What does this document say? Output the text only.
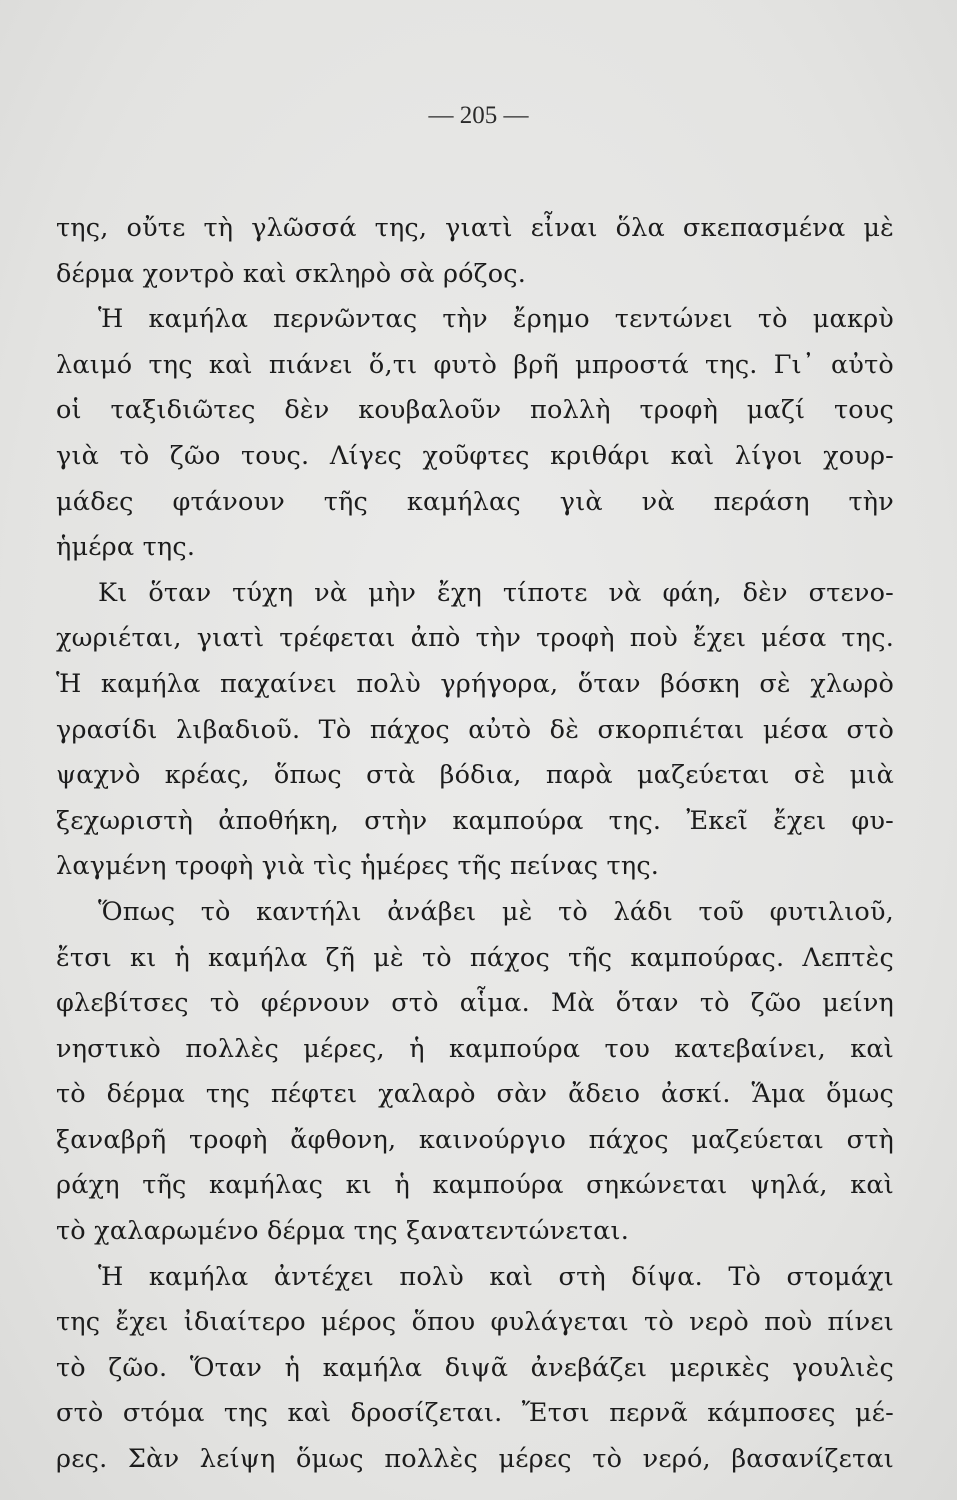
— 205 —
της, οὔτε τὴ γλῶσσά της, γιατὶ εἶναι ὅλα σκεπασμένα μὲ
δέρμα χοντρὸ καὶ σκληρὸ σὰ ρόζος.
Ἡ καμήλα περνῶντας τὴν ἔρημο τεντώνει τὸ μακρὺ
λαιμό της καὶ πιάνει ὅ,τι φυτὸ βρῆ μπροστά της. Γι᾿ αὐτὸ
οἱ ταξιδιῶτες δὲν κουβαλοῦν πολλὴ τροφὴ μαζί τους
γιὰ τὸ ζῶο τους. Λίγες χοῦφτες κριθάρι καὶ λίγοι χουρ-
μάδες φτάνουν τῆς καμήλας γιὰ νὰ περάση τὴν
ἡμέρα της.
Κι ὅταν τύχη νὰ μὴν ἔχη τίποτε νὰ φάη, δὲν στενο-
χωριέται, γιατὶ τρέφεται ἀπὸ τὴν τροφὴ ποὺ ἔχει μέσα της.
Ἡ καμήλα παχαίνει πολὺ γρήγορα, ὅταν βόσκη σὲ χλωρὸ
γρασίδι λιβαδιοῦ. Τὸ πάχος αὐτὸ δὲ σκορπιέται μέσα στὸ
ψαχνὸ κρέας, ὅπως στὰ βόδια, παρὰ μαζεύεται σὲ μιὰ
ξεχωριστὴ ἀποθήκη, στὴν καμπούρα της. Ἐκεῖ ἔχει φυ-
λαγμένη τροφὴ γιὰ τὶς ἡμέρες τῆς πείνας της.
Ὅπως τὸ καντήλι ἀνάβει μὲ τὸ λάδι τοῦ φυτιλιοῦ,
ἔτσι κι ἡ καμήλα ζῆ μὲ τὸ πάχος τῆς καμπούρας. Λεπτὲς
φλεβίτσες τὸ φέρνουν στὸ αἷμα. Μὰ ὅταν τὸ ζῶο μείνη
νηστικὸ πολλὲς μέρες, ἡ καμπούρα του κατεβαίνει, καὶ
τὸ δέρμα της πέφτει χαλαρὸ σὰν ἄδειο ἀσκί. Ἅμα ὅμως
ξαναβρῆ τροφὴ ἄφθονη, καινούργιο πάχος μαζεύεται στὴ
ράχη τῆς καμήλας κι ἡ καμπούρα σηκώνεται ψηλά, καὶ
τὸ χαλαρωμένο δέρμα της ξανατεντώνεται.
Ἡ καμήλα ἀντέχει πολὺ καὶ στὴ δίψα. Τὸ στομάχι
της ἔχει ἰδιαίτερο μέρος ὅπου φυλάγεται τὸ νερὸ ποὺ πίνει
τὸ ζῶο. Ὅταν ἡ καμήλα διψᾶ ἀνεβάζει μερικὲς γουλιὲς
στὸ στόμα της καὶ δροσίζεται. Ἔτσι περνᾶ κάμποσες μέ-
ρες. Σὰν λείψη ὅμως πολλὲς μέρες τὸ νερό, βασανίζεται
